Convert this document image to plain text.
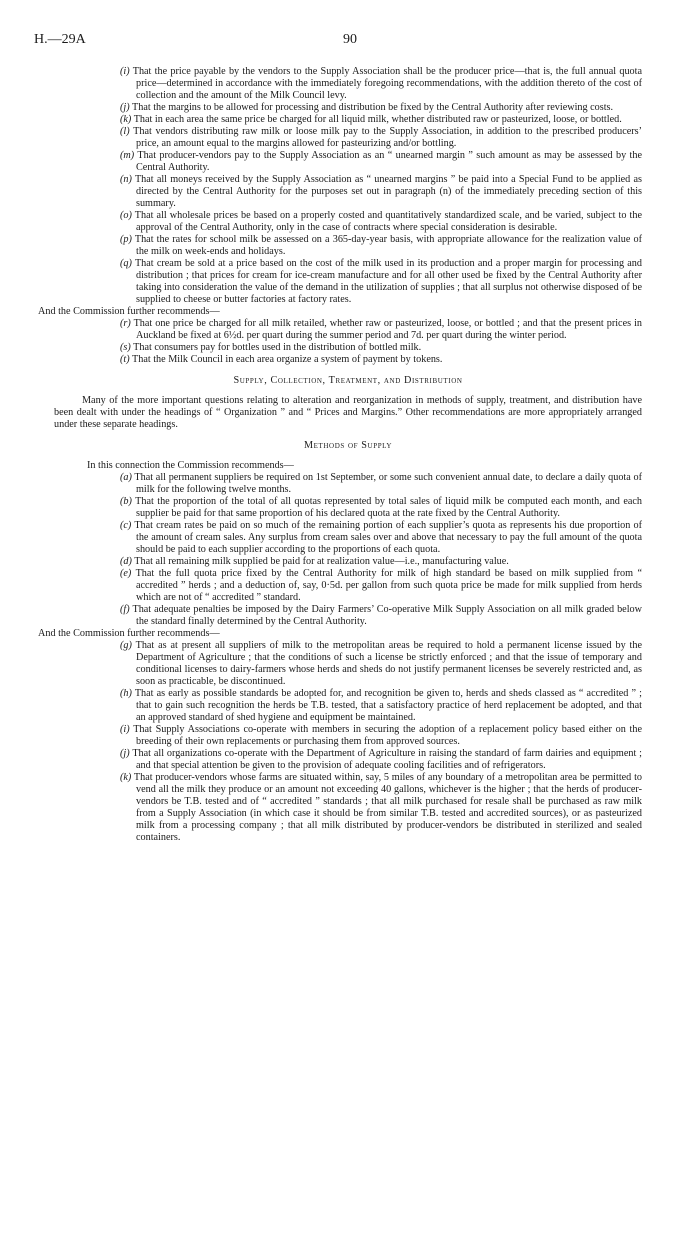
H.—29A	90
(i) That the price payable by the vendors to the Supply Association shall be the producer price—that is, the full annual quota price—determined in accordance with the immediately foregoing recommendations, with the addition thereto of the cost of collection and the amount of the Milk Council levy.
(j) That the margins to be allowed for processing and distribution be fixed by the Central Authority after reviewing costs.
(k) That in each area the same price be charged for all liquid milk, whether distributed raw or pasteurized, loose, or bottled.
(l) That vendors distributing raw milk or loose milk pay to the Supply Association, in addition to the prescribed producers’ price, an amount equal to the margins allowed for pasteurizing and/or bottling.
(m) That producer-vendors pay to the Supply Association as an “ unearned margin ” such amount as may be assessed by the Central Authority.
(n) That all moneys received by the Supply Association as “ unearned margins ” be paid into a Special Fund to be applied as directed by the Central Authority for the purposes set out in paragraph (n) of the immediately preceding section of this summary.
(o) That all wholesale prices be based on a properly costed and quantitatively standardized scale, and be varied, subject to the approval of the Central Authority, only in the case of contracts where special consideration is desirable.
(p) That the rates for school milk be assessed on a 365-day-year basis, with appropriate allowance for the realization value of the milk on week-ends and holidays.
(q) That cream be sold at a price based on the cost of the milk used in its production and a proper margin for processing and distribution ; that prices for cream for ice-cream manufacture and for all other used be fixed by the Central Authority after taking into consideration the value of the demand in the utilization of supplies ; that all surplus not otherwise disposed of be supplied to cheese or butter factories at factory rates.
And the Commission further recommends—
(r) That one price be charged for all milk retailed, whether raw or pasteurized, loose, or bottled ; and that the present prices in Auckland be fixed at 6½d. per quart during the summer period and 7d. per quart during the winter period.
(s) That consumers pay for bottles used in the distribution of bottled milk.
(t) That the Milk Council in each area organize a system of payment by tokens.
Supply, Collection, Treatment, and Distribution

Many of the more important questions relating to alteration and reorganization in methods of supply, treatment, and distribution have been dealt with under the headings of “ Organization ” and “ Prices and Margins.” Other recommendations are more appropriately arranged under these separate headings.

Methods of Supply
In this connection the Commission recommends—
(a) That all permanent suppliers be required on 1st September, or some such convenient annual date, to declare a daily quota of milk for the following twelve months.
(b) That the proportion of the total of all quotas represented by total sales of liquid milk be computed each month, and each supplier be paid for that same proportion of his declared quota at the rate fixed by the Central Authority.
(c) That cream rates be paid on so much of the remaining portion of each supplier’s quota as represents his due proportion of the amount of cream sales. Any surplus from cream sales over and above that necessary to pay the full amount of the quota should be paid to each supplier according to the proportions of each quota.
(d) That all remaining milk supplied be paid for at realization value—i.e., manufacturing value.
(e) That the full quota price fixed by the Central Authority for milk of high standard be based on milk supplied from “ accredited ” herds ; and a deduction of, say, 0·5d. per gallon from such quota price be made for milk supplied from herds which are not of “ accredited ” standard.
(f) That adequate penalties be imposed by the Dairy Farmers’ Co-operative Milk Supply Association on all milk graded below the standard finally determined by the Central Authority.
And the Commission further recommends—
(g) That as at present all suppliers of milk to the metropolitan areas be required to hold a permanent license issued by the Department of Agriculture ; that the conditions of such a license be strictly enforced ; and that the issue of temporary and conditional licenses to dairy-farmers whose herds and sheds do not justify permanent licenses be severely restricted and, as soon as practicable, be discontinued.
(h) That as early as possible standards be adopted for, and recognition be given to, herds and sheds classed as “ accredited ” ; that to gain such recognition the herds be T.B. tested, that a satisfactory practice of herd replacement be adopted, and that an approved standard of shed hygiene and equipment be maintained.
(i) That Supply Associations co-operate with members in securing the adoption of a replacement policy based either on the breeding of their own replacements or purchasing them from approved sources.
(j) That all organizations co-operate with the Department of Agriculture in raising the standard of farm dairies and equipment ; and that special attention be given to the provision of adequate cooling facilities and of refrigerators.
(k) That producer-vendors whose farms are situated within, say, 5 miles of any boundary of a metropolitan area be permitted to vend all the milk they produce or an amount not exceeding 40 gallons, whichever is the higher ; that the herds of producer-vendors be T.B. tested and of “ accredited ” standards ; that all milk purchased for resale shall be purchased as raw milk from a Supply Association (in which case it should be from similar T.B. tested and accredited sources), or as pasteurized milk from a processing company ; that all milk distributed by producer-vendors be distributed in sterilized and sealed containers.
